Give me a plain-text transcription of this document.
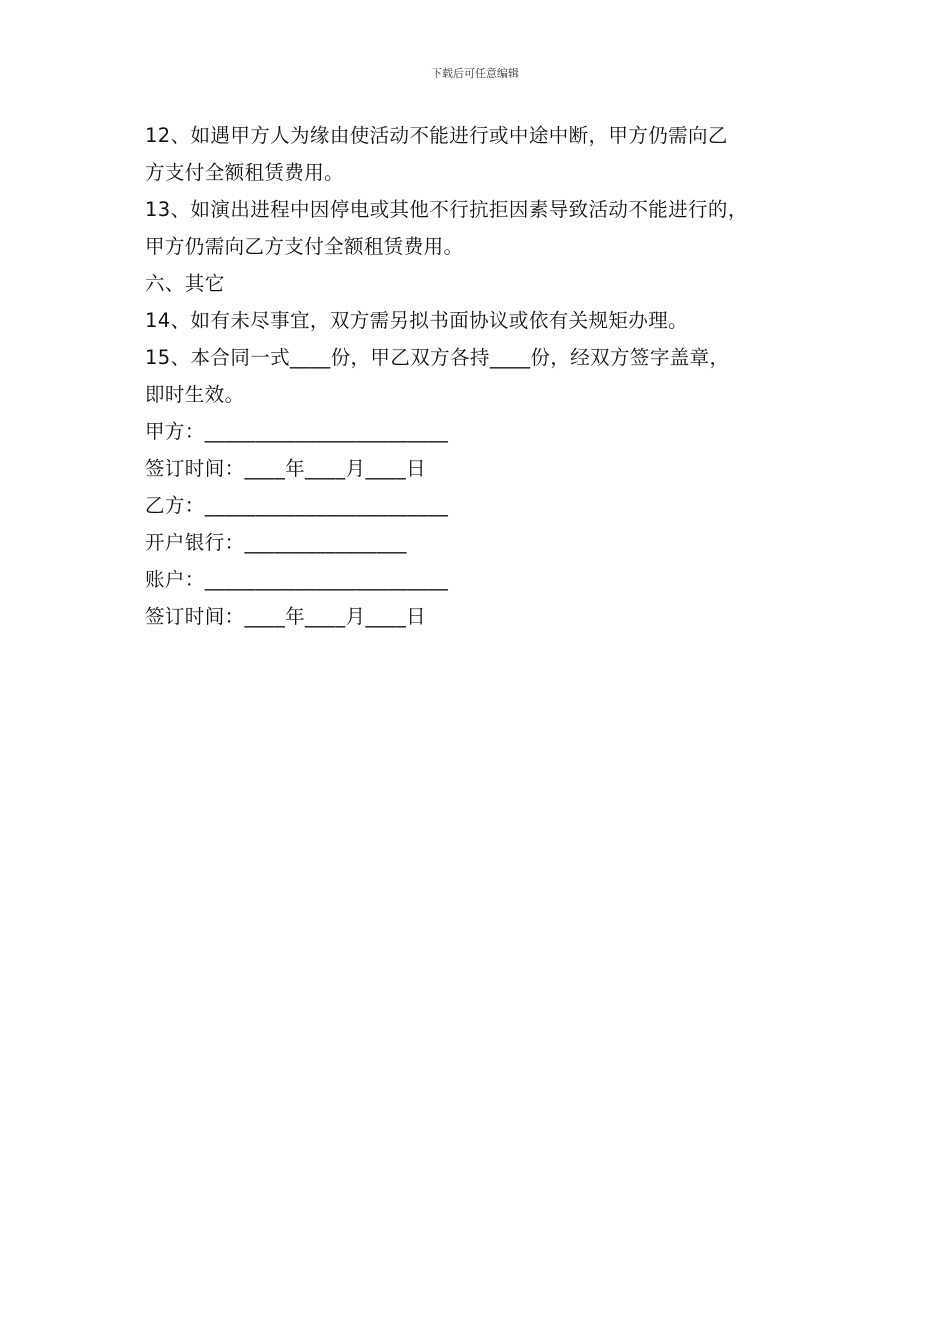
下载后可任意编辑
12、如遇甲方人为缘由使活动不能进行或中途中断，甲方仍需向乙
方支付全额租赁费用。
13、如演出进程中因停电或其他不行抗拒因素导致活动不能进行的，
甲方仍需向乙方支付全额租赁费用。
六、其它
14、如有未尽事宜，双方需另拟书面协议或依有关规矩办理。
15、本合同一式____份，甲乙双方各持____份，经双方签字盖章，
即时生效。
甲方：________________________
签订时间：____年____月____日
乙方：________________________
开户银行：________________
账户：________________________
签订时间：____年____月____日
